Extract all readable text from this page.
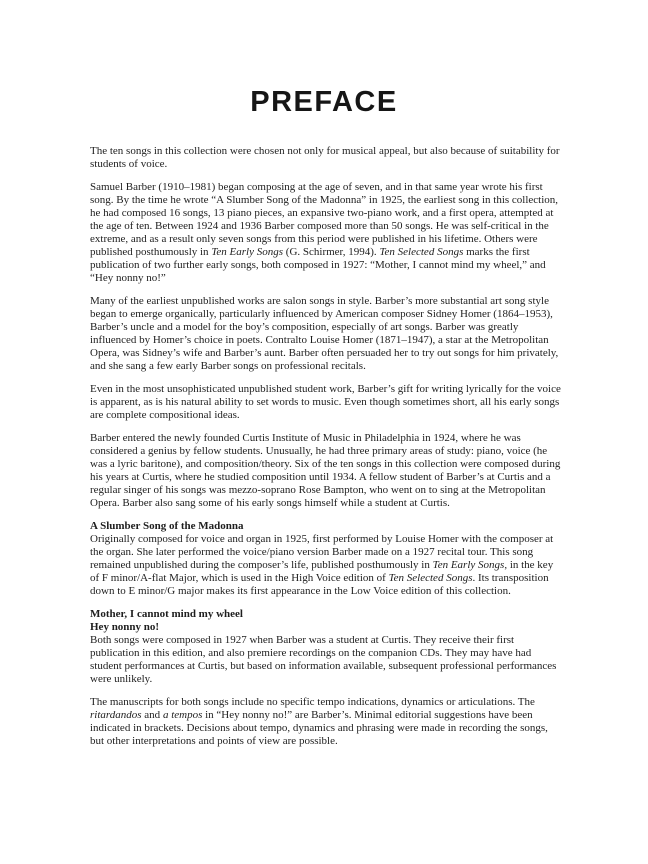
PREFACE

The ten songs in this collection were chosen not only for musical appeal, but also because of suitability for students of voice.

Samuel Barber (1910–1981) began composing at the age of seven, and in that same year wrote his first song. By the time he wrote “A Slumber Song of the Madonna” in 1925, the earliest song in this collection, he had composed 16 songs, 13 piano pieces, an expansive two-piano work, and a first opera, attempted at the age of ten. Between 1924 and 1936 Barber composed more than 50 songs. He was self-critical in the extreme, and as a result only seven songs from this period were published in his lifetime. Others were published posthumously in Ten Early Songs (G. Schirmer, 1994). Ten Selected Songs marks the first publication of two further early songs, both composed in 1927: “Mother, I cannot mind my wheel,” and “Hey nonny no!”

Many of the earliest unpublished works are salon songs in style. Barber’s more substantial art song style began to emerge organically, particularly influenced by American composer Sidney Homer (1864–1953), Barber’s uncle and a model for the boy’s composition, especially of art songs. Barber was greatly influenced by Homer’s choice in poets. Contralto Louise Homer (1871–1947), a star at the Metropolitan Opera, was Sidney’s wife and Barber’s aunt. Barber often persuaded her to try out songs for him privately, and she sang a few early Barber songs on professional recitals.

Even in the most unsophisticated unpublished student work, Barber’s gift for writing lyrically for the voice is apparent, as is his natural ability to set words to music. Even though sometimes short, all his early songs are complete compositional ideas.

Barber entered the newly founded Curtis Institute of Music in Philadelphia in 1924, where he was considered a genius by fellow students. Unusually, he had three primary areas of study: piano, voice (he was a lyric baritone), and composition/theory. Six of the ten songs in this collection were composed during his years at Curtis, where he studied composition until 1934. A fellow student of Barber’s at Curtis and a regular singer of his songs was mezzo-soprano Rose Bampton, who went on to sing at the Metropolitan Opera. Barber also sang some of his early songs himself while a student at Curtis.

A Slumber Song of the Madonna

Originally composed for voice and organ in 1925, first performed by Louise Homer with the composer at the organ. She later performed the voice/piano version Barber made on a 1927 recital tour. This song remained unpublished during the composer’s life, published posthumously in Ten Early Songs, in the key of F minor/A-flat Major, which is used in the High Voice edition of Ten Selected Songs. Its transposition down to E minor/G major makes its first appearance in the Low Voice edition of this collection.

Mother, I cannot mind my wheel

Hey nonny no!

Both songs were composed in 1927 when Barber was a student at Curtis. They receive their first publication in this edition, and also premiere recordings on the companion CDs. They may have had student performances at Curtis, but based on information available, subsequent professional performances were unlikely.

The manuscripts for both songs include no specific tempo indications, dynamics or articulations. The ritardandos and a tempos in “Hey nonny no!” are Barber’s. Minimal editorial suggestions have been indicated in brackets. Decisions about tempo, dynamics and phrasing were made in recording the songs, but other interpretations and points of view are possible.
